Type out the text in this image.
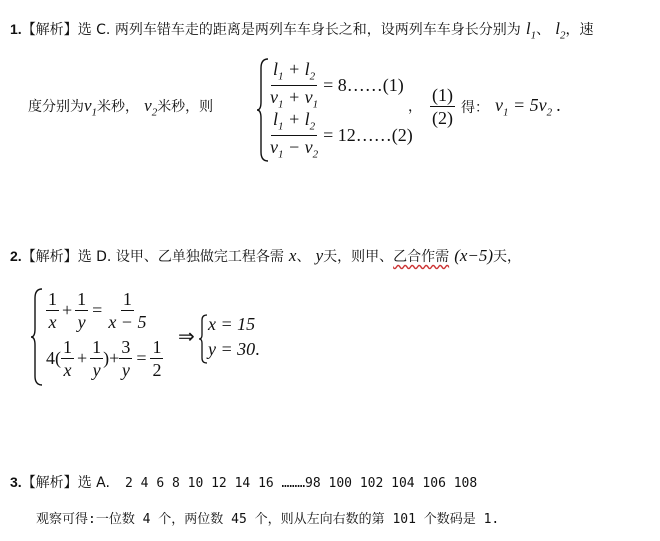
1.【解析】选 C. 两列车错车走的距离是两列车车身长之和，设两列车车身长分别为 $l_1$、 $l_2$，速
度分别为$v_1$米秒， $v_2$米秒，则	$\frac{l_1 + l_2}{v_1 + v_1}$ = 8……(1)
$\frac{l_1 + l_2}{v_1 - v_2}$ = 12……(2)
， $\frac{(1)}{(2)}$ 得： $v_1 = 5v_2$ .
2.【解析】选 D. 设甲、乙单独做完工程各需 x、 y天，则甲、乙合作需 (x−5)天，
$\frac{1}{x} + \frac{1}{y} = \frac{1}{x - 5}$
$4( \frac{1}{x} + \frac{1}{y}$ )+ $\frac{3}{y} = \frac{1}{2}$
⇒
x = 15
y = 30.
3.【解析】选 A. 2 4 6 8 10 12 14 16 ………98 100 102 104 106 108
观察可得:一位数 4 个，两位数 45 个，则从左向右数的第 101 个数码是 1.
